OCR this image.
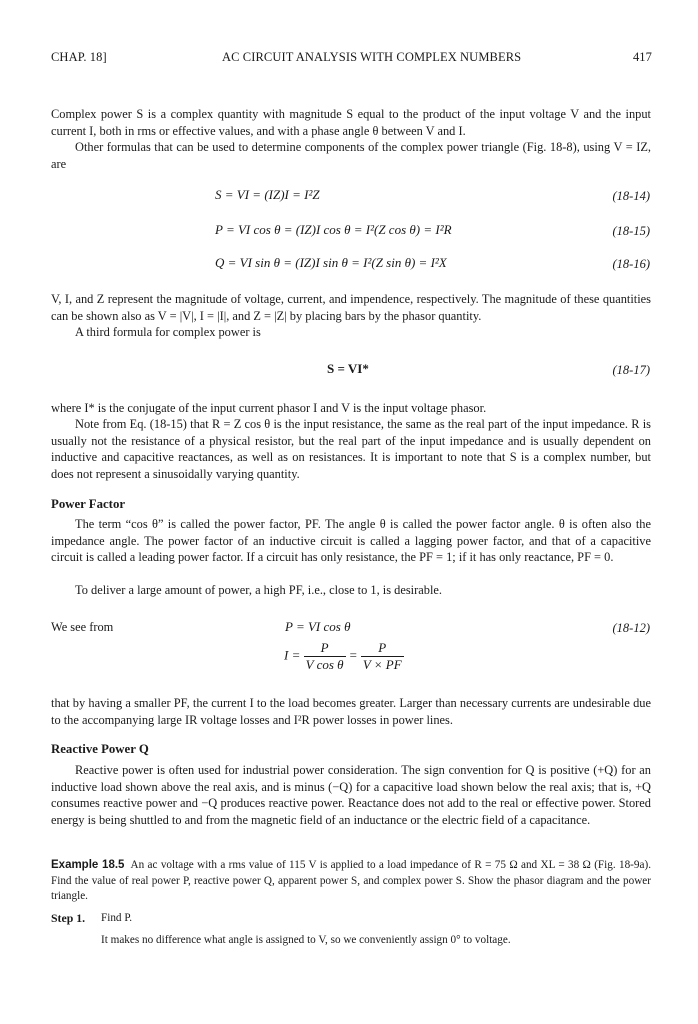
CHAP. 18]	AC CIRCUIT ANALYSIS WITH COMPLEX NUMBERS	417
Complex power S is a complex quantity with magnitude S equal to the product of the input voltage V and the input current I, both in rms or effective values, and with a phase angle θ between V and I.
Other formulas that can be used to determine components of the complex power triangle (Fig. 18-8), using V = IZ, are
S = VI = (IZ)I = I²Z	(18-14)
P = VI cos θ = (IZ)I cos θ = I²(Z cos θ) = I²R	(18-15)
Q = VI sin θ = (IZ)I sin θ = I²(Z sin θ) = I²X	(18-16)
V, I, and Z represent the magnitude of voltage, current, and impendence, respectively. The magnitude of these quantities can be shown also as V = |V|, I = |I|, and Z = |Z| by placing bars by the phasor quantity.
A third formula for complex power is
S = VI*	(18-17)
where I* is the conjugate of the input current phasor I and V is the input voltage phasor.
Note from Eq. (18-15) that R = Z cos θ is the input resistance, the same as the real part of the input impedance. R is usually not the resistance of a physical resistor, but the real part of the input impedance and is usually dependent on inductive and capacitive reactances, as well as on resistances. It is important to note that S is a complex number, but does not represent a sinusoidally varying quantity.
Power Factor
The term “cos θ” is called the power factor, PF. The angle θ is called the power factor angle. θ is often also the impedance angle. The power factor of an inductive circuit is called a lagging power factor, and that of a capacitive circuit is called a leading power factor. If a circuit has only resistance, the PF = 1; if it has only reactance, PF = 0.
To deliver a large amount of power, a high PF, i.e., close to 1, is desirable.
We see from	P = VI cos θ	(18-12)
$I = \frac{P}{\text{V cos θ}} = \frac{P}{V \times PF}$
that by having a smaller PF, the current I to the load becomes greater. Larger than necessary currents are undesirable due to the accompanying large IR voltage losses and I²R power losses in power lines.
Reactive Power Q
Reactive power is often used for industrial power consideration. The sign convention for Q is positive (+Q) for an inductive load shown above the real axis, and is minus (−Q) for a capacitive load shown below the real axis; that is, +Q consumes reactive power and −Q produces reactive power. Reactance does not add to the real or effective power. Stored energy is being shuttled to and from the magnetic field of an inductance or the electric field of a capacitance.
Example 18.5 An ac voltage with a rms value of 115 V is applied to a load impedance of R = 75 Ω and XL = 38 Ω (Fig. 18-9a). Find the value of real power P, reactive power Q, apparent power S, and complex power S. Show the phasor diagram and the power triangle.
Step 1. Find P.
It makes no difference what angle is assigned to V, so we conveniently assign 0° to voltage.
